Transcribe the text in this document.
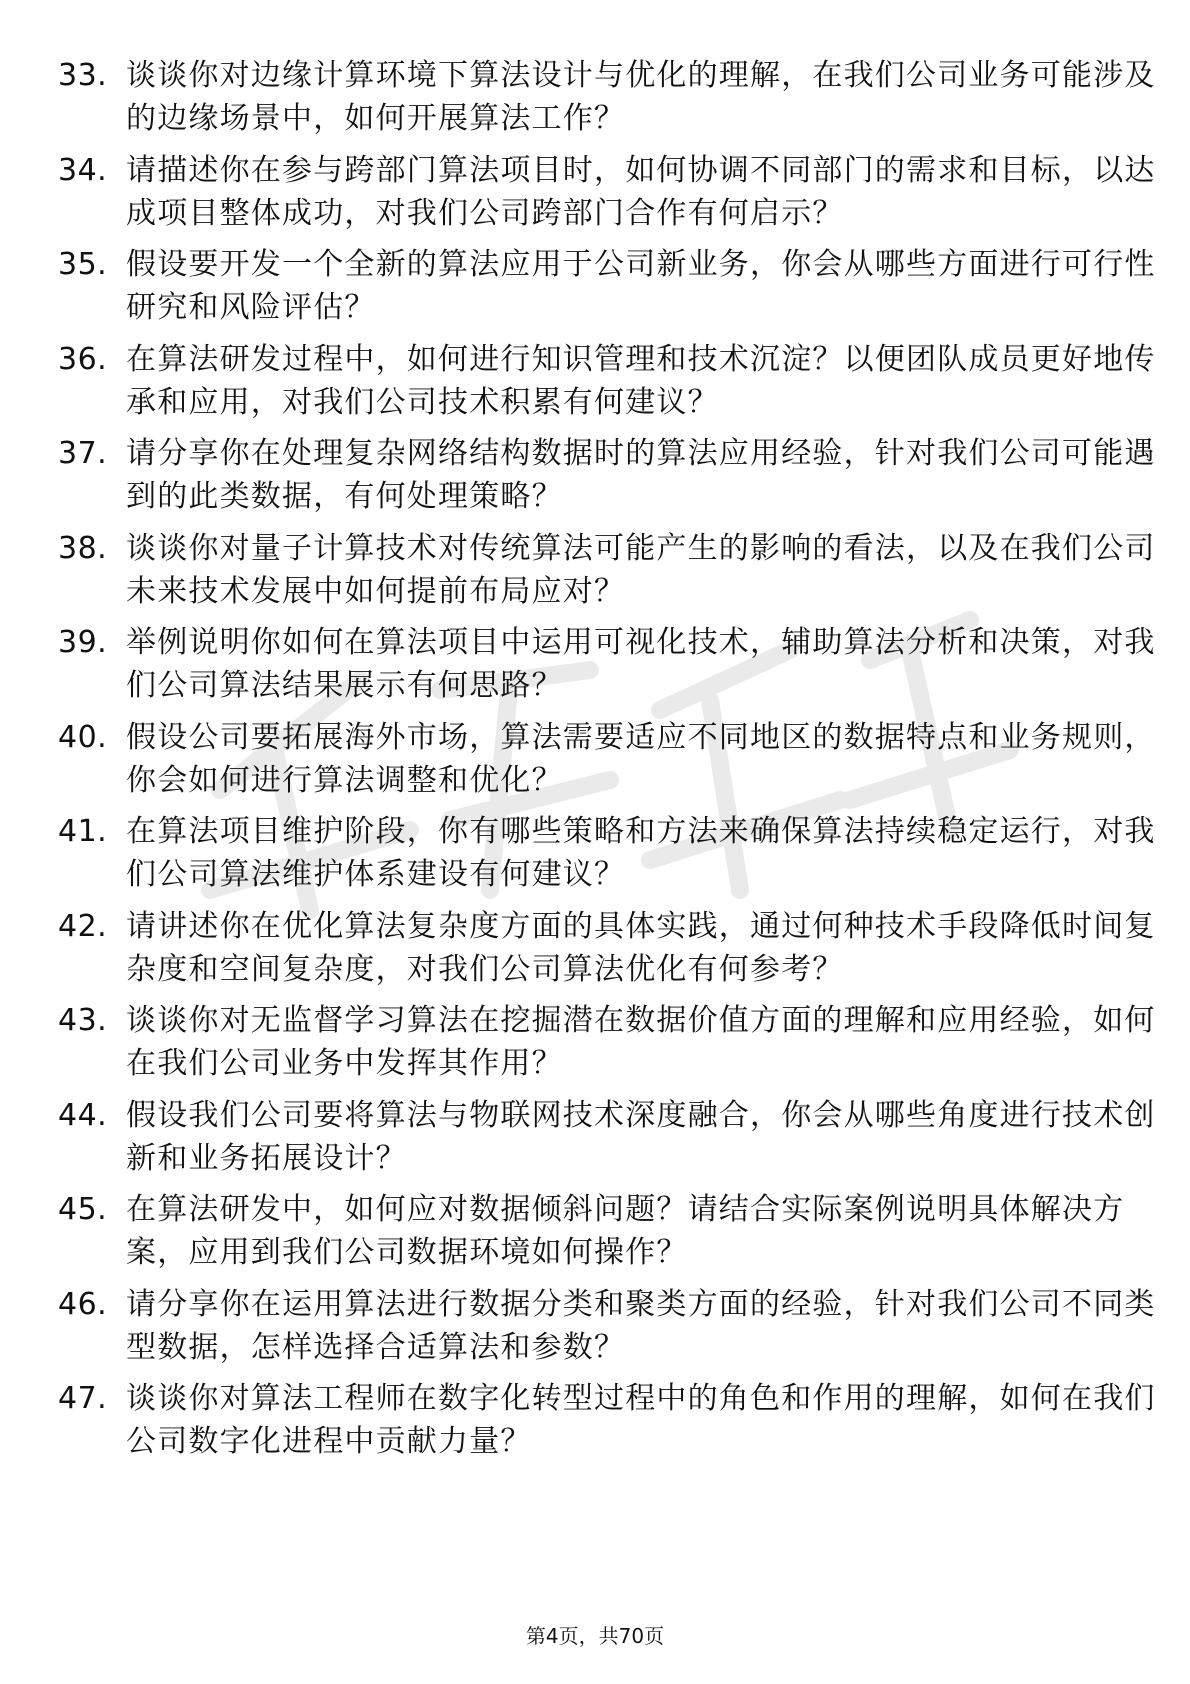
33. 谈谈你对边缘计算环境下算法设计与优化的理解，在我们公司业务可能涉及的边缘场景中，如何开展算法工作？
34. 请描述你在参与跨部门算法项目时，如何协调不同部门的需求和目标，以达成项目整体成功，对我们公司跨部门合作有何启示？
35. 假设要开发一个全新的算法应用于公司新业务，你会从哪些方面进行可行性研究和风险评估？
36. 在算法研发过程中，如何进行知识管理和技术沉淀？以便团队成员更好地传承和应用，对我们公司技术积累有何建议？
37. 请分享你在处理复杂网络结构数据时的算法应用经验，针对我们公司可能遇到的此类数据，有何处理策略？
38. 谈谈你对量子计算技术对传统算法可能产生的影响的看法，以及在我们公司未来技术发展中如何提前布局应对？
39. 举例说明你如何在算法项目中运用可视化技术，辅助算法分析和决策，对我们公司算法结果展示有何思路？
40. 假设公司要拓展海外市场，算法需要适应不同地区的数据特点和业务规则，你会如何进行算法调整和优化？
41. 在算法项目维护阶段，你有哪些策略和方法来确保算法持续稳定运行，对我们公司算法维护体系建设有何建议？
42. 请讲述你在优化算法复杂度方面的具体实践，通过何种技术手段降低时间复杂度和空间复杂度，对我们公司算法优化有何参考？
43. 谈谈你对无监督学习算法在挖掘潜在数据价值方面的理解和应用经验，如何在我们公司业务中发挥其作用？
44. 假设我们公司要将算法与物联网技术深度融合，你会从哪些角度进行技术创新和业务拓展设计？
45. 在算法研发中，如何应对数据倾斜问题？请结合实际案例说明具体解决方案，应用到我们公司数据环境如何操作？
46. 请分享你在运用算法进行数据分类和聚类方面的经验，针对我们公司不同类型数据，怎样选择合适算法和参数？
47. 谈谈你对算法工程师在数字化转型过程中的角色和作用的理解，如何在我们公司数字化进程中贡献力量？
第4页，共70页
